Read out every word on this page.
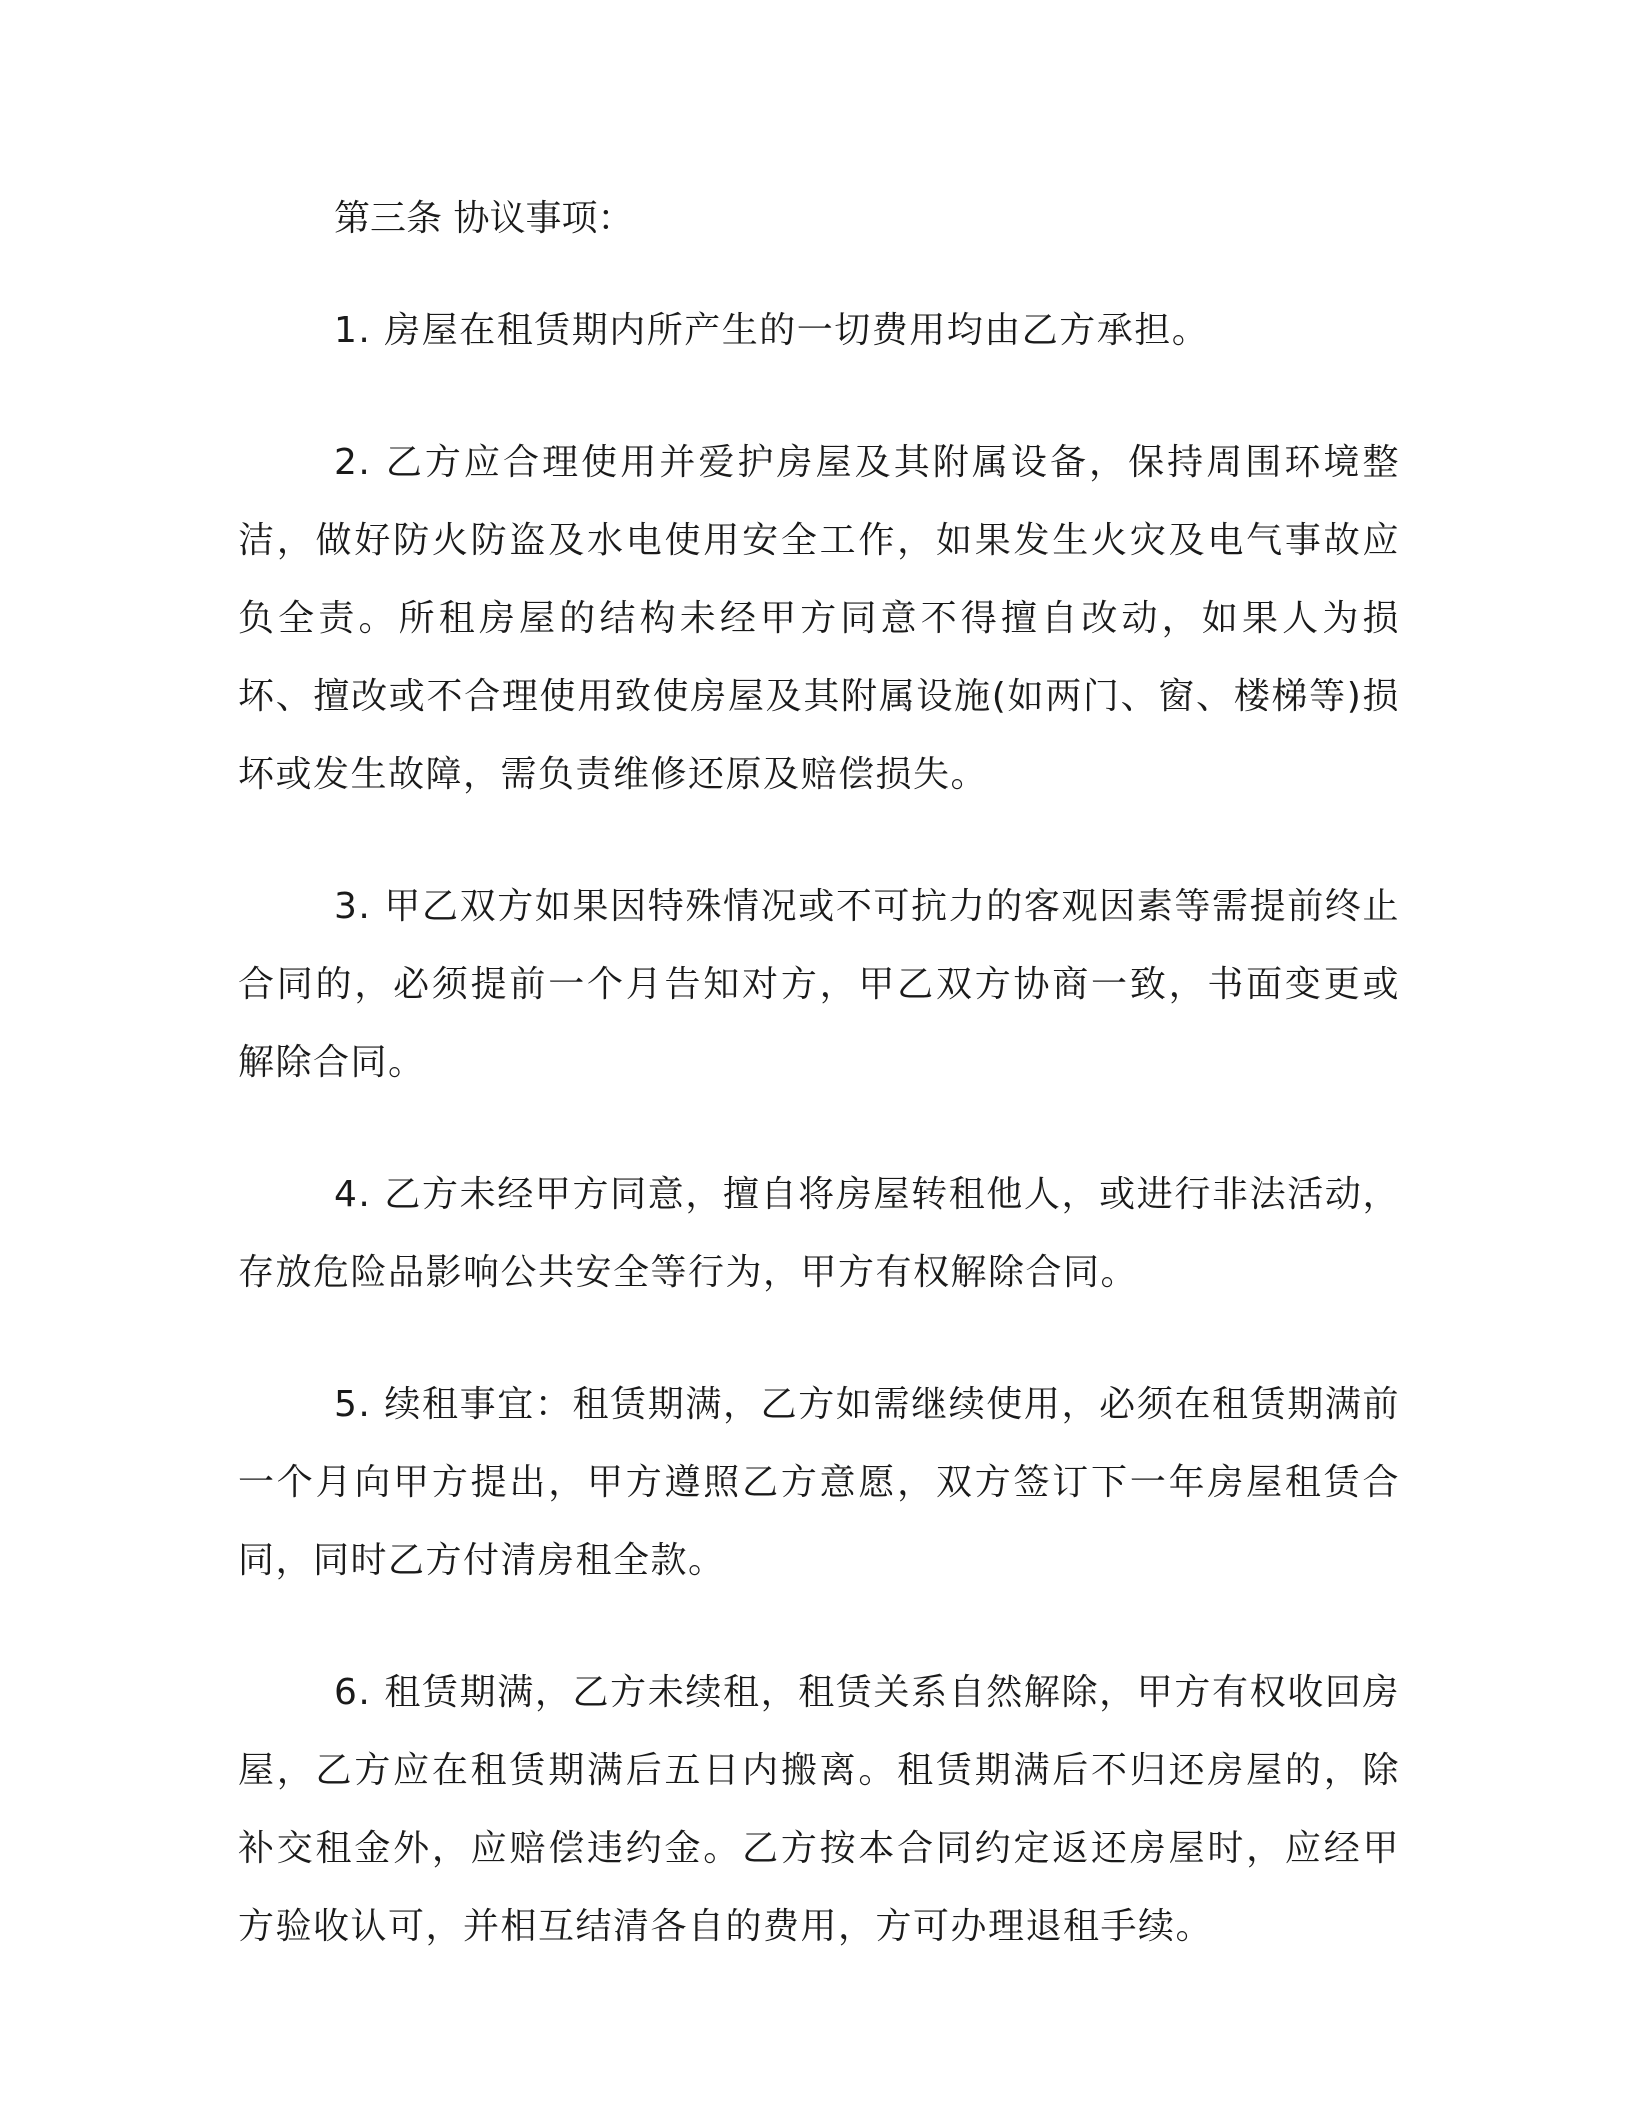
第三条 协议事项：

1. 房屋在租赁期内所产生的一切费用均由乙方承担。

2. 乙方应合理使用并爱护房屋及其附属设备，保持周围环境整洁，做好防火防盗及水电使用安全工作，如果发生火灾及电气事故应负全责。所租房屋的结构未经甲方同意不得擅自改动，如果人为损坏、擅改或不合理使用致使房屋及其附属设施(如两门、窗、楼梯等)损坏或发生故障，需负责维修还原及赔偿损失。

3. 甲乙双方如果因特殊情况或不可抗力的客观因素等需提前终止合同的，必须提前一个月告知对方，甲乙双方协商一致，书面变更或解除合同。

4. 乙方未经甲方同意，擅自将房屋转租他人，或进行非法活动，存放危险品影响公共安全等行为，甲方有权解除合同。

5. 续租事宜：租赁期满，乙方如需继续使用，必须在租赁期满前一个月向甲方提出，甲方遵照乙方意愿，双方签订下一年房屋租赁合同，同时乙方付清房租全款。

6. 租赁期满，乙方未续租，租赁关系自然解除，甲方有权收回房屋，乙方应在租赁期满后五日内搬离。租赁期满后不归还房屋的，除补交租金外，应赔偿违约金。乙方按本合同约定返还房屋时，应经甲方验收认可，并相互结清各自的费用，方可办理退租手续。
